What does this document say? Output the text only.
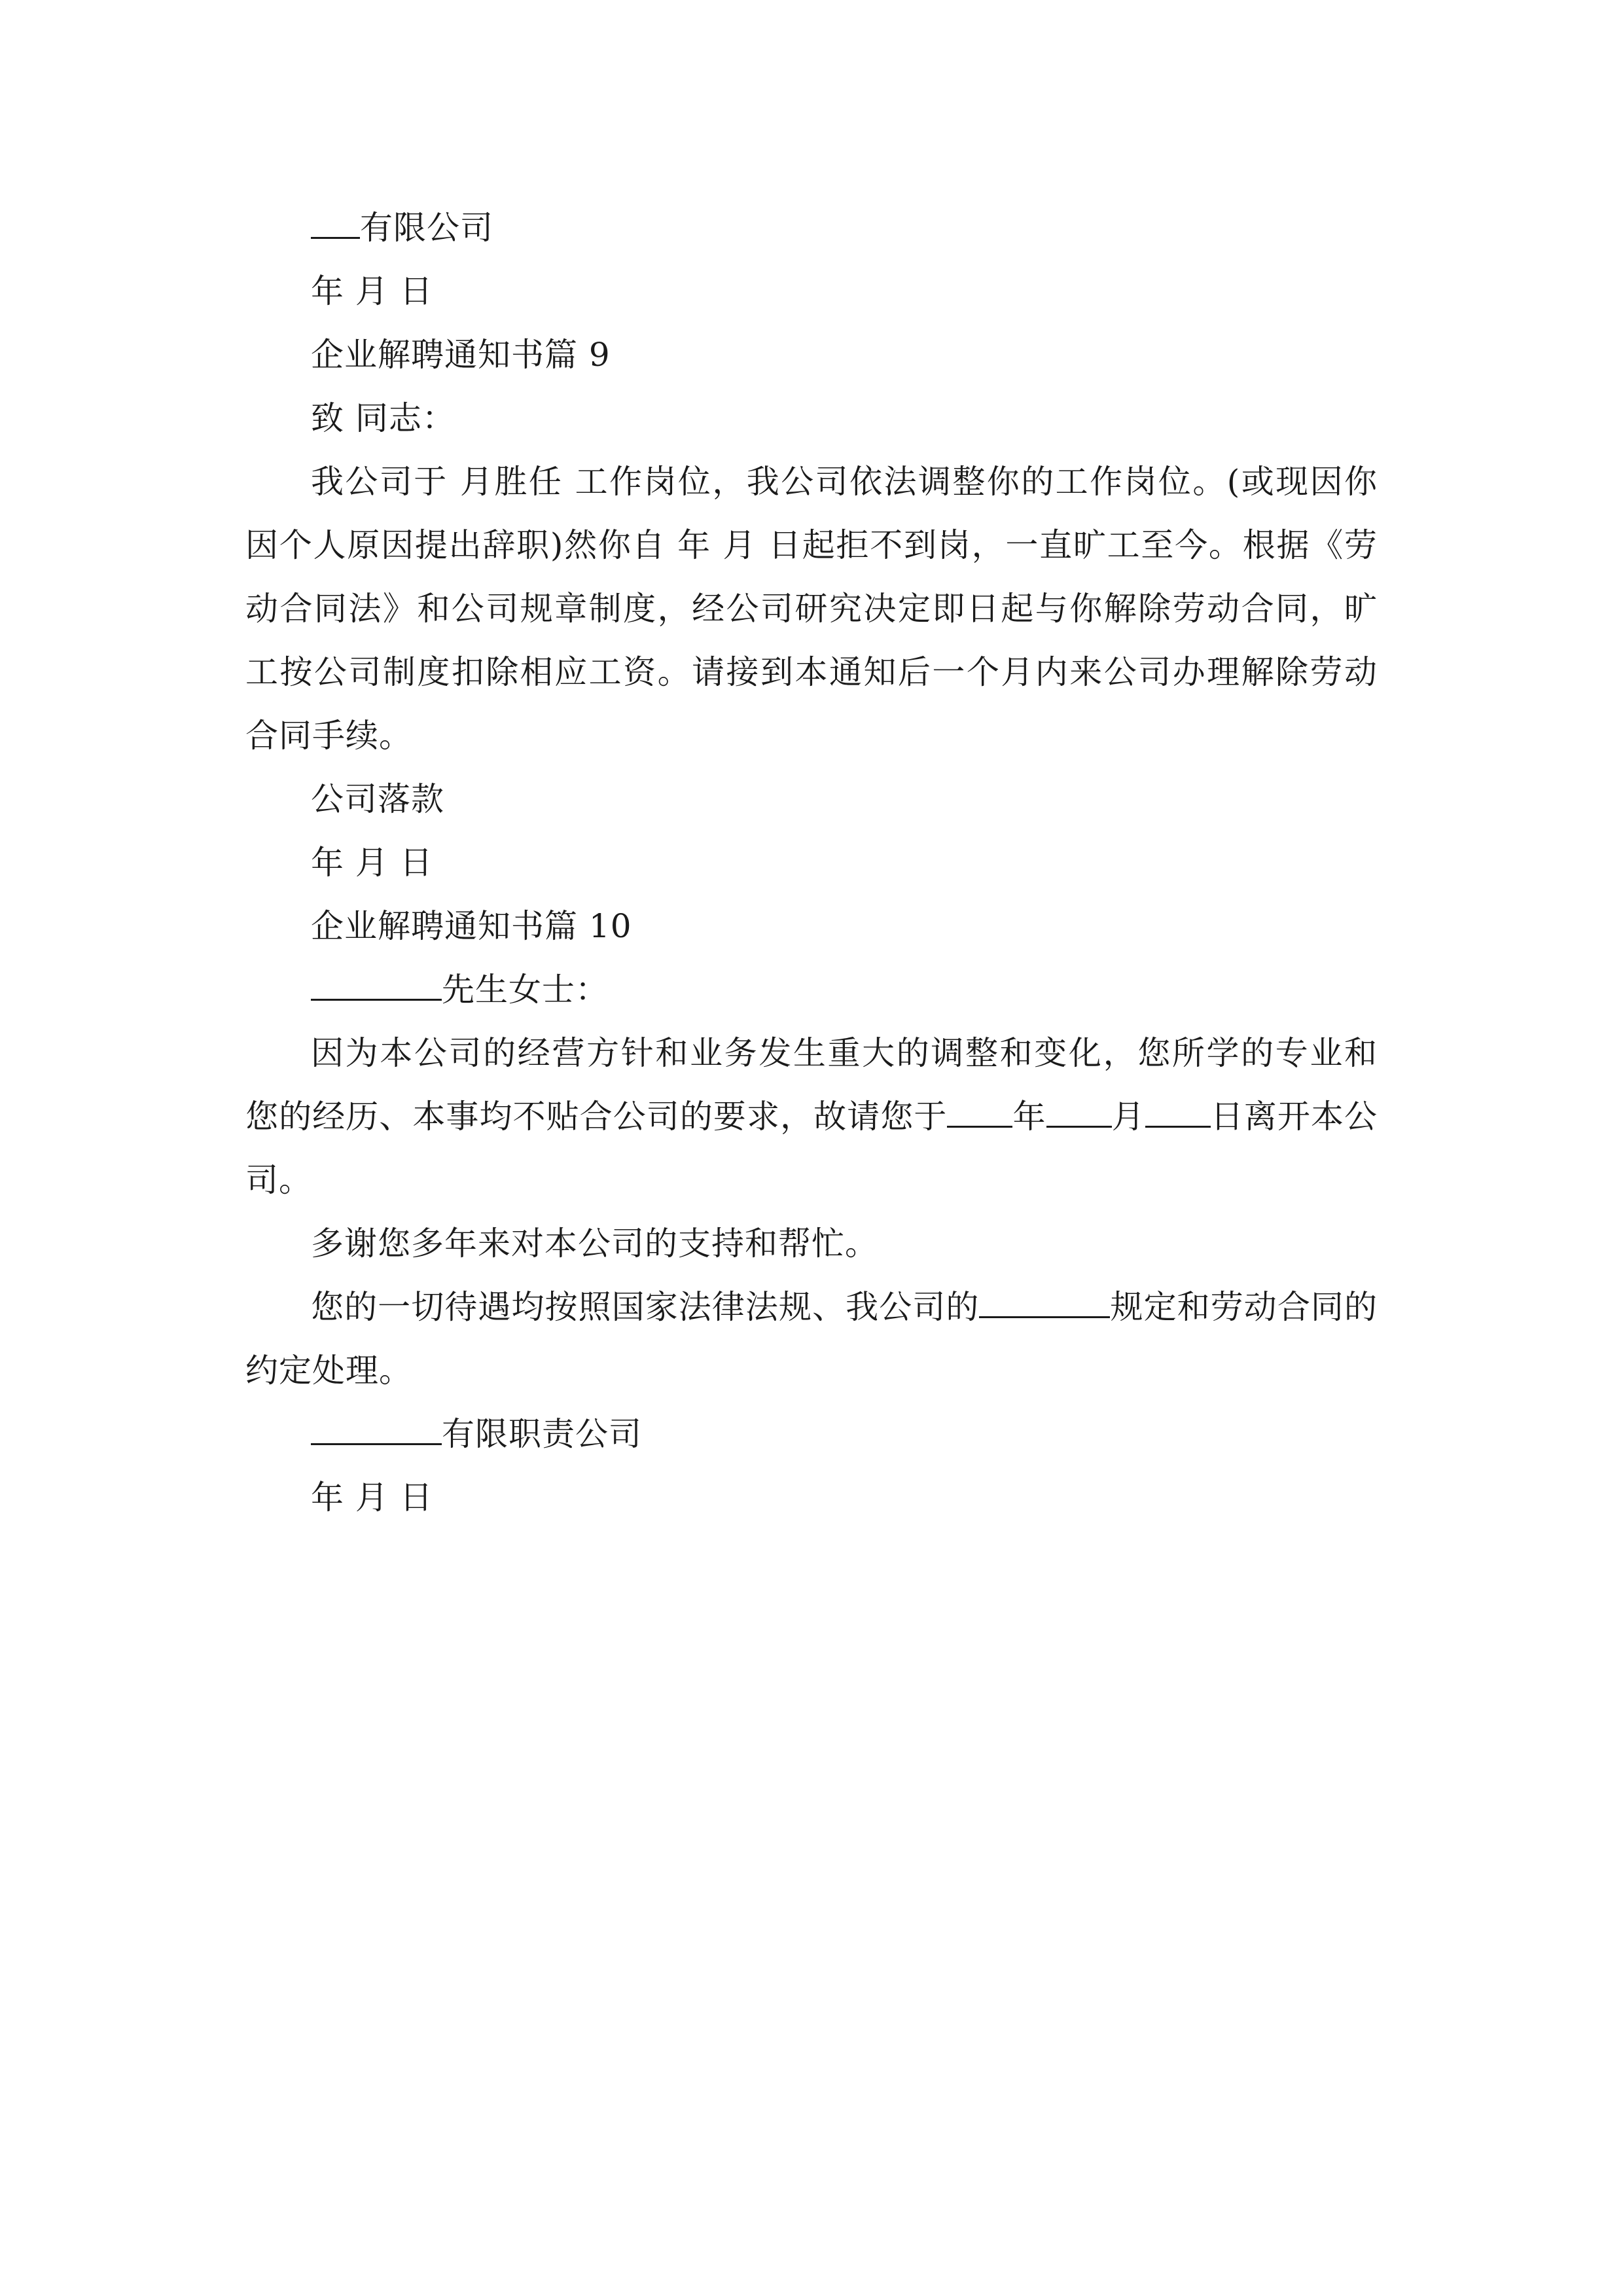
有限公司
年 月 日
企业解聘通知书篇 9
致 同志：
我公司于 月胜任 工作岗位，我公司依法调整你的工作岗位。(或现因你因个人原因提出辞职)然你自 年 月 日起拒不到岗，一直旷工至今。根据《劳动合同法》和公司规章制度，经公司研究决定即日起与你解除劳动合同，旷工按公司制度扣除相应工资。请接到本通知后一个月内来公司办理解除劳动合同手续。
公司落款
年 月 日
企业解聘通知书篇 10
先生女士：
因为本公司的经营方针和业务发生重大的调整和变化，您所学的专业和您的经历、本事均不贴合公司的要求，故请您于 年 月 日离开本公司。
多谢您多年来对本公司的支持和帮忙。
您的一切待遇均按照国家法律法规、我公司的	规定和劳动合同的约定处理。
有限职责公司
年 月 日
